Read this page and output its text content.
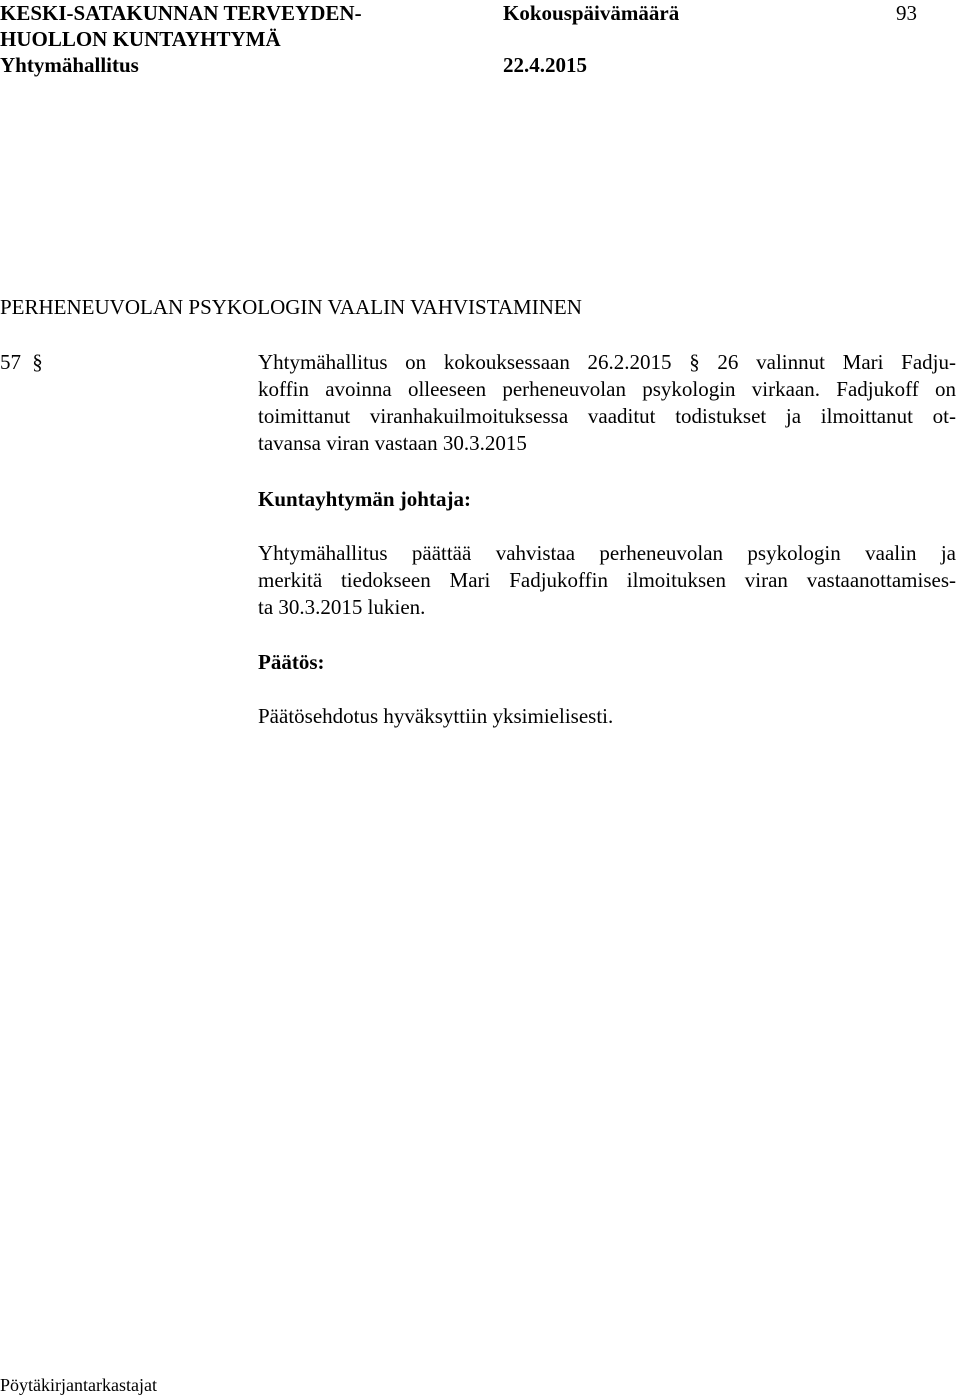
KESKI-SATAKUNNAN TERVEYDEN-
HUOLLON KUNTAYHTYMÄ
Yhtymähallitus
Kokouspäivämäärä
22.4.2015
93
PERHENEUVOLAN PSYKOLOGIN VAALIN VAHVISTAMINEN
57 §	Yhtymähallitus on kokouksessaan 26.2.2015 § 26 valinnut Mari Fadju-
koffin avoinna olleeseen perheneuvolan psykologin virkaan. Fadjukoff on
toimittanut viranhakuilmoituksessa vaaditut todistukset ja ilmoittanut ot-
tavansa viran vastaan 30.3.2015
Kuntayhtymän johtaja:
Yhtymähallitus päättää vahvistaa perheneuvolan psykologin vaalin ja
merkitä tiedokseen Mari Fadjukoffin ilmoituksen viran vastaanottamises-
ta 30.3.2015 lukien.
Päätös:
Päätösehdotus hyväksyttiin yksimielisesti.
Pöytäkirjantarkastajat
